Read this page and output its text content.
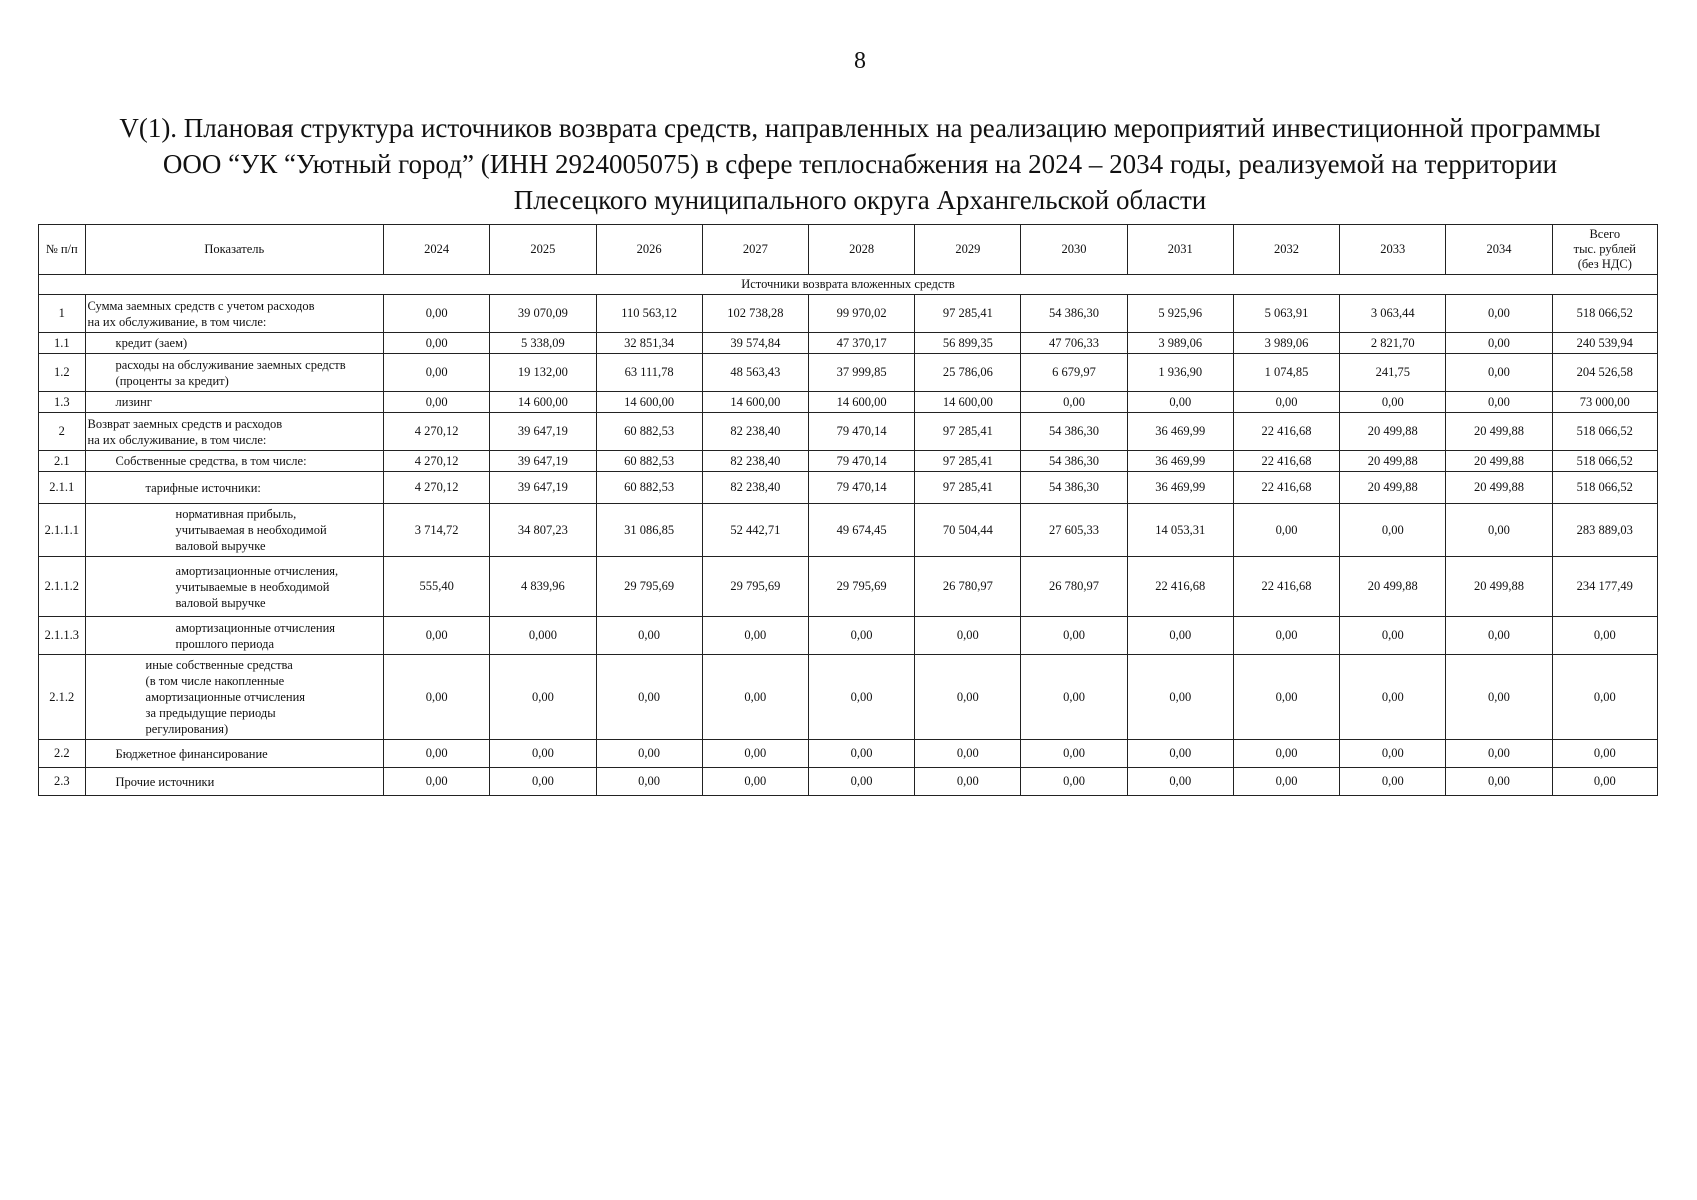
8
V(1). Плановая структура источников возврата средств, направленных на реализацию мероприятий инвестиционной программы
ООО “УК “Уютный город” (ИНН 2924005075) в сфере теплоснабжения на 2024 – 2034 годы, реализуемой на территории
Плесецкого муниципального округа Архангельской области
№ п/п	Показатель	2024	2025	2026	2027	2028	2029	2030	2031	2032	2033	2034	Всего
тыс. рублей
(без НДС)

Источники возврата вложенных средств													
1	Сумма заемных средств с учетом расходов
на их обслуживание, в том числе:	0,00	39 070,09	110 563,12	102 738,28	99 970,02	97 285,41	54 386,30	5 925,96	5 063,91	3 063,44	0,00	518 066,52
1.1	кредит (заем)	0,00	5 338,09	32 851,34	39 574,84	47 370,17	56 899,35	47 706,33	3 989,06	3 989,06	2 821,70	0,00	240 539,94
1.2	расходы на обслуживание заемных средств
(проценты за кредит)	0,00	19 132,00	63 111,78	48 563,43	37 999,85	25 786,06	6 679,97	1 936,90	1 074,85	241,75	0,00	204 526,58
1.3	лизинг	0,00	14 600,00	14 600,00	14 600,00	14 600,00	14 600,00	0,00	0,00	0,00	0,00	0,00	73 000,00
2	Возврат заемных средств и расходов
на их обслуживание, в том числе:	4 270,12	39 647,19	60 882,53	82 238,40	79 470,14	97 285,41	54 386,30	36 469,99	22 416,68	20 499,88	20 499,88	518 066,52
2.1	Собственные средства, в том числе:	4 270,12	39 647,19	60 882,53	82 238,40	79 470,14	97 285,41	54 386,30	36 469,99	22 416,68	20 499,88	20 499,88	518 066,52
2.1.1	тарифные источники:	4 270,12	39 647,19	60 882,53	82 238,40	79 470,14	97 285,41	54 386,30	36 469,99	22 416,68	20 499,88	20 499,88	518 066,52
2.1.1.1	нормативная прибыль,
учитываемая в необходимой
валовой выручке	3 714,72	34 807,23	31 086,85	52 442,71	49 674,45	70 504,44	27 605,33	14 053,31	0,00	0,00	0,00	283 889,03
2.1.1.2	амортизационные отчисления,
учитываемые в необходимой
валовой выручке	555,40	4 839,96	29 795,69	29 795,69	29 795,69	26 780,97	26 780,97	22 416,68	22 416,68	20 499,88	20 499,88	234 177,49
2.1.1.3	амортизационные отчисления
прошлого периода	0,00	0,000	0,00	0,00	0,00	0,00	0,00	0,00	0,00	0,00	0,00	0,00
2.1.2	иные собственные средства
(в том числе накопленные
амортизационные отчисления
за предыдущие периоды
регулирования)	0,00	0,00	0,00	0,00	0,00	0,00	0,00	0,00	0,00	0,00	0,00	0,00
2.2	Бюджетное финансирование	0,00	0,00	0,00	0,00	0,00	0,00	0,00	0,00	0,00	0,00	0,00	0,00
2.3	Прочие источники	0,00	0,00	0,00	0,00	0,00	0,00	0,00	0,00	0,00	0,00	0,00	0,00
